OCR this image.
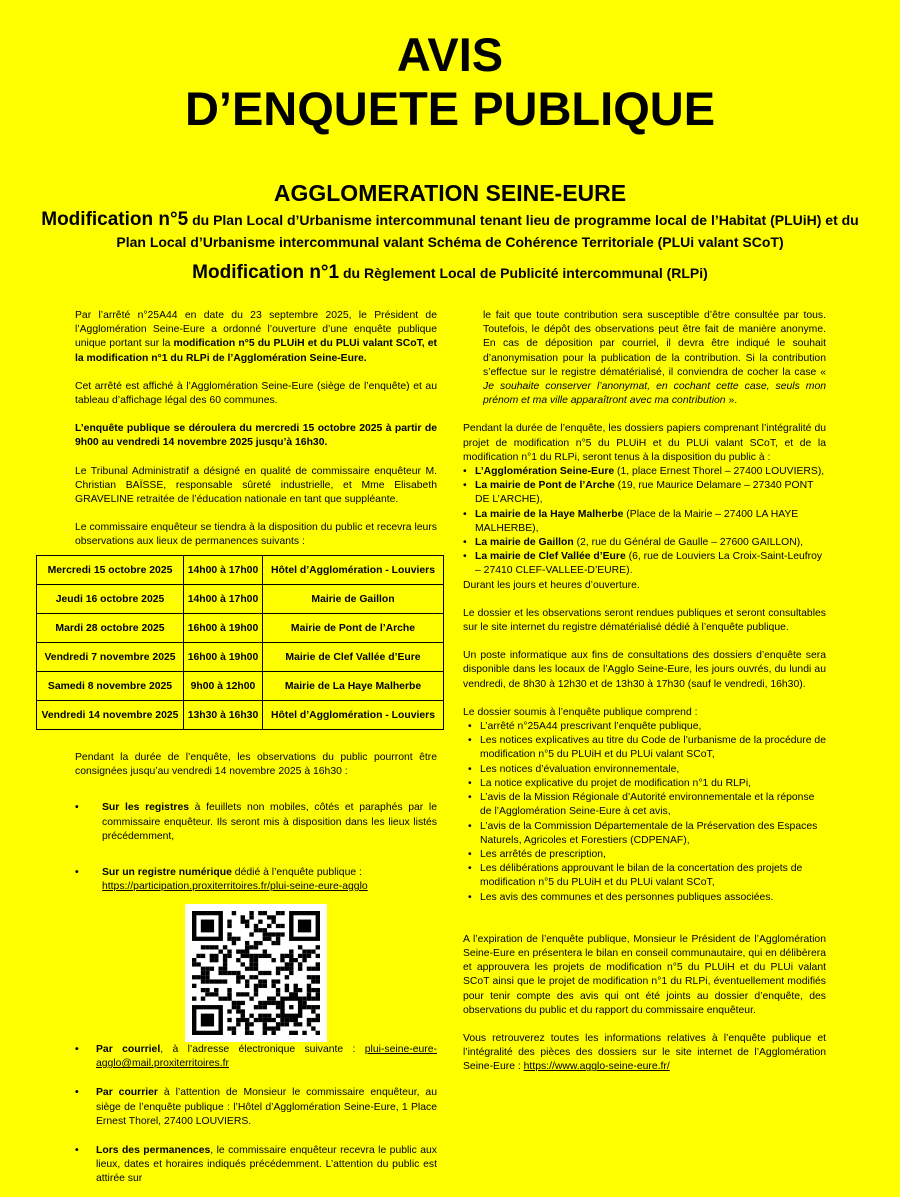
AVIS
D’ENQUETE PUBLIQUE
AGGLOMERATION SEINE-EURE
Modification n°5 du Plan Local d’Urbanisme intercommunal tenant lieu de programme local de l’Habitat (PLUiH) et du Plan Local d’Urbanisme intercommunal valant Schéma de Cohérence Territoriale (PLUi valant SCoT)
Modification n°1 du Règlement Local de Publicité intercommunal (RLPi)

Par l’arrêté n°25A44 en date du 23 septembre 2025, le Président de l’Agglomération Seine-Eure a ordonné l’ouverture d’une enquête publique unique portant sur la modification n°5 du PLUiH et du PLUi valant SCoT, et la modification n°1 du RLPi de l’Agglomération Seine-Eure.

Cet arrêté est affiché à l’Agglomération Seine-Eure (siège de l’enquête) et au tableau d’affichage légal des 60 communes.

L’enquête publique se déroulera du mercredi 15 octobre 2025 à partir de 9h00 au vendredi 14 novembre 2025 jusqu’à 16h30.

Le Tribunal Administratif a désigné en qualité de commissaire enquêteur M. Christian BAÏSSE, responsable sûreté industrielle, et Mme Elisabeth GRAVELINE retraitée de l’éducation nationale en tant que suppléante.

Le commissaire enquêteur se tiendra à la disposition du public et recevra leurs observations aux lieux de permanences suivants :

Mercredi 15 octobre 2025	14h00 à 17h00	Hôtel d’Agglomération - Louviers
Jeudi 16 octobre 2025	14h00 à 17h00	Mairie de Gaillon
Mardi 28 octobre 2025	16h00 à 19h00	Mairie de Pont de l’Arche
Vendredi 7 novembre 2025	16h00 à 19h00	Mairie de Clef Vallée d’Eure
Samedi 8 novembre 2025	9h00 à 12h00	Mairie de La Haye Malherbe
Vendredi 14 novembre 2025	13h30 à 16h30	Hôtel d’Agglomération - Louviers

Pendant la durée de l’enquête, les observations du public pourront être consignées jusqu’au vendredi 14 novembre 2025 à 16h30 :

• Sur les registres à feuillets non mobiles, côtés et paraphés par le commissaire enquêteur. Ils seront mis à disposition dans les lieux listés précédemment,
• Sur un registre numérique dédié à l’enquête publique :
https://participation.proxiterritoires.fr/plui-seine-eure-agglo
• Par courriel, à l’adresse électronique suivante : plui-seine-eure-agglo@mail.proxiterritoires.fr
• Par courrier à l’attention de Monsieur le commissaire enquêteur, au siège de l’enquête publique : l’Hôtel d’Agglomération Seine-Eure, 1 Place Ernest Thorel, 27400 LOUVIERS.
• Lors des permanences, le commissaire enquêteur recevra le public aux lieux, dates et horaires indiqués précédemment. L’attention du public est attirée sur

le fait que toute contribution sera susceptible d’être consultée par tous. Toutefois, le dépôt des observations peut être fait de manière anonyme. En cas de déposition par courriel, il devra être indiqué le souhait d’anonymisation pour la publication de la contribution. Si la contribution s’effectue sur le registre dématérialisé, il conviendra de cocher la case « Je souhaite conserver l’anonymat, en cochant cette case, seuls mon prénom et ma ville apparaîtront avec ma contribution ».

Pendant la durée de l’enquête, les dossiers papiers comprenant l’intégralité du projet de modification n°5 du PLUiH et du PLUi valant SCoT, et de la modification n°1 du RLPi, seront tenus à la disposition du public à :

• L’Agglomération Seine-Eure (1, place Ernest Thorel – 27400 LOUVIERS),
• La mairie de Pont de l’Arche (19, rue Maurice Delamare – 27340 PONT DE L’ARCHE),
• La mairie de la Haye Malherbe (Place de la Mairie – 27400 LA HAYE MALHERBE),
• La mairie de Gaillon (2, rue du Général de Gaulle – 27600 GAILLON),
• La mairie de Clef Vallée d’Eure (6, rue de Louviers La Croix-Saint-Leufroy – 27410 CLEF-VALLEE-D’EURE).

Durant les jours et heures d’ouverture.

Le dossier et les observations seront rendues publiques et seront consultables sur le site internet du registre dématérialisé dédié à l’enquête publique.

Un poste informatique aux fins de consultations des dossiers d’enquête sera disponible dans les locaux de l’Agglo Seine-Eure, les jours ouvrés, du lundi au vendredi, de 8h30 à 12h30 et de 13h30 à 17h30 (sauf le vendredi, 16h30).

Le dossier soumis à l’enquête publique comprend :

• L’arrêté n°25A44 prescrivant l’enquête publique,
• Les notices explicatives au titre du Code de l’urbanisme de la procédure de modification n°5 du PLUiH et du PLUi valant SCoT,
• Les notices d’évaluation environnementale,
• La notice explicative du projet de modification n°1 du RLPi,
• L’avis de la Mission Régionale d’Autorité environnementale et la réponse de l’Agglomération Seine-Eure à cet avis,
• L’avis de la Commission Départementale de la Préservation des Espaces Naturels, Agricoles et Forestiers (CDPENAF),
• Les arrêtés de prescription,
• Les délibérations approuvant le bilan de la concertation des projets de modification n°5 du PLUiH et du PLUi valant SCoT,
• Les avis des communes et des personnes publiques associées.

A l’expiration de l’enquête publique, Monsieur le Président de l’Agglomération Seine-Eure en présentera le bilan en conseil communautaire, qui en délibèrera et approuvera les projets de modification n°5 du PLUiH et du PLUi valant SCoT ainsi que le projet de modification n°1 du RLPi, éventuellement modifiés pour tenir compte des avis qui ont été joints au dossier d’enquête, des observations du public et du rapport du commissaire enquêteur.

Vous retrouverez toutes les informations relatives à l’enquête publique et l’intégralité des pièces des dossiers sur le site internet de l’Agglomération Seine-Eure : https://www.agglo-seine-eure.fr/
